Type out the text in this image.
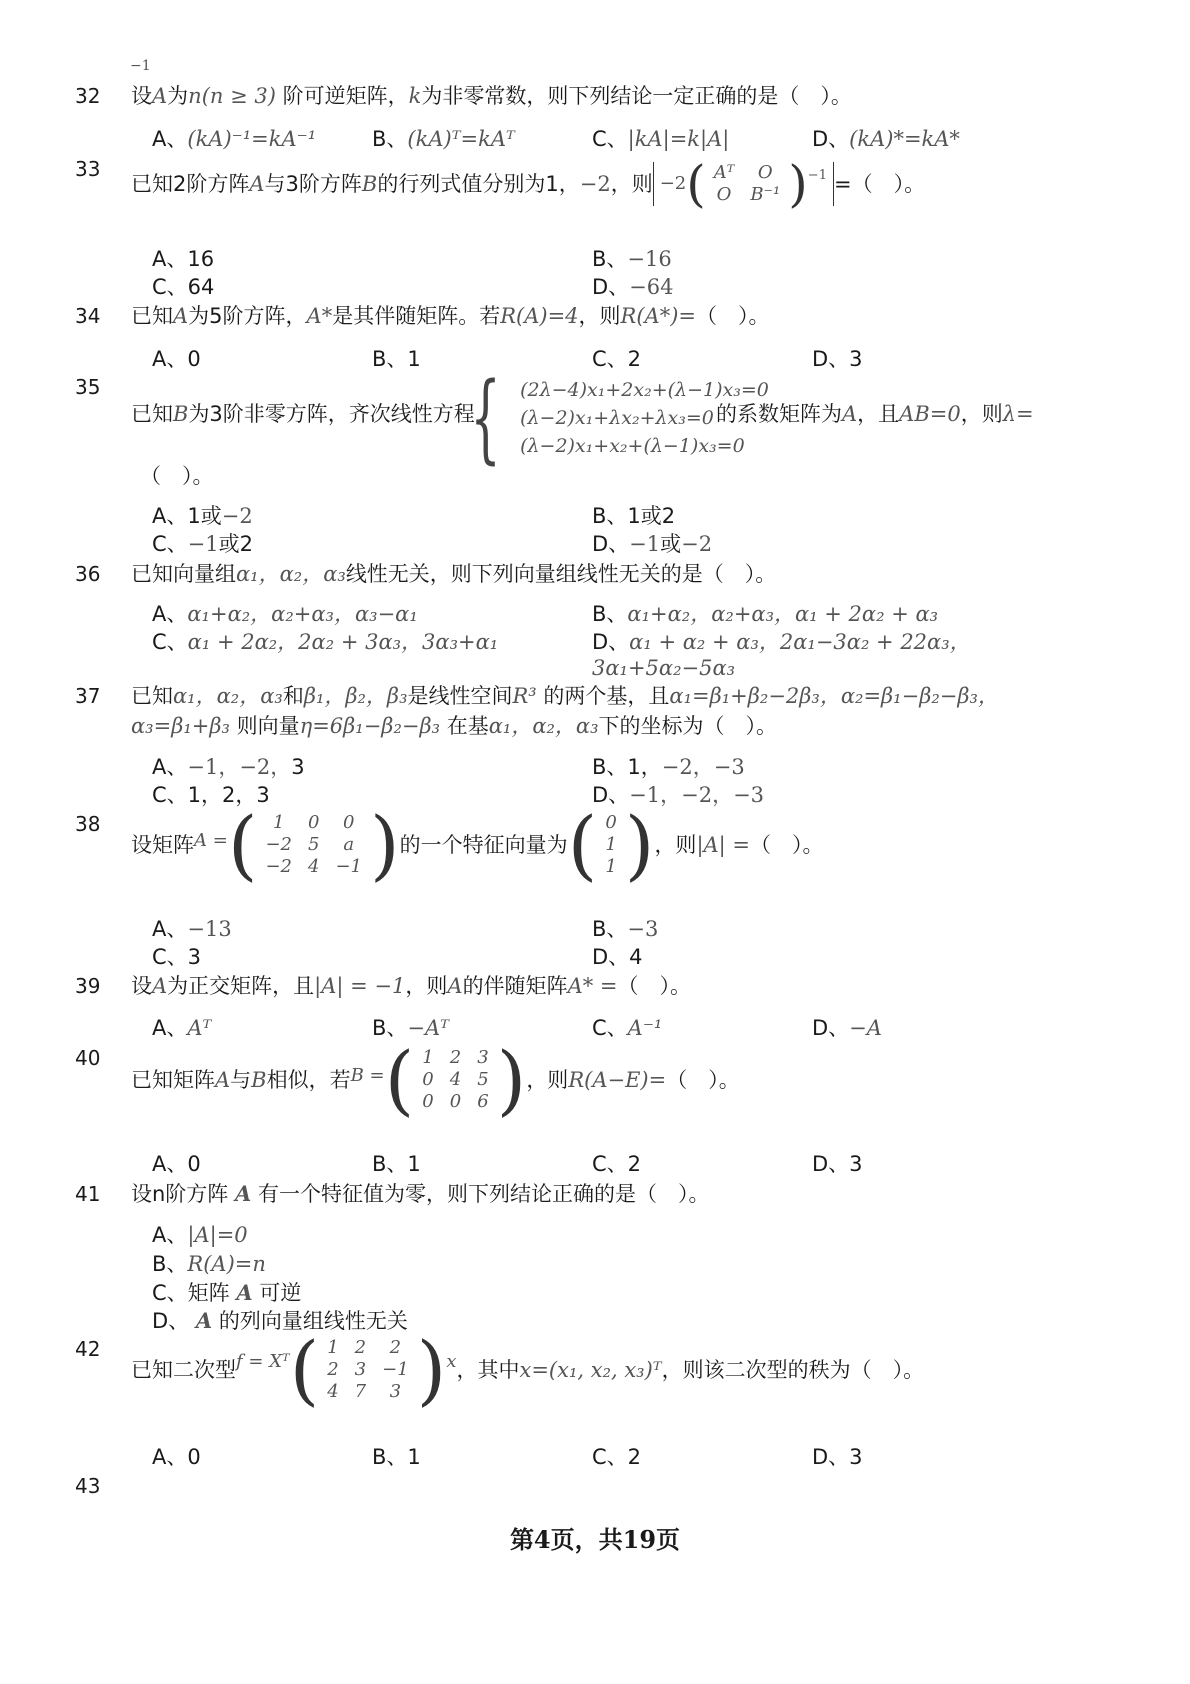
−1
32 设A为n(n ≥ 3) 阶可逆矩阵，k为非零常数，则下列结论一定正确的是（　）。
A、(kA)⁻¹=kA⁻¹	B、(kA)ᵀ=kAᵀ	C、|kA|=k|A|	D、(kA)*=kA*
33
已知2阶方阵 A 与3阶方阵 B 的行列式值分别为1， −2 ，则 −2 ( Aᵀ	O
O	B⁻¹ ) −1 =（　）。
A、16	B、−16
C、64	D、−64
34 已知A为5阶方阵，A*是其伴随矩阵。若R(A)=4，则R(A*)=（　）。
A、0	B、1	C、2	D、3
35
已知B为3阶非零方阵，齐次线性方程
{ (2λ−4)x₁+2x₂+(λ−1)x₃=0
(λ−2)x₁+λx₂+λx₃=0
(λ−2)x₁+x₂+(λ−1)x₃=0
的系数矩阵为A，且AB=0，则λ=
（　）。
A、1或−2	B、1或2
C、−1或2	D、−1或−2
36 已知向量组α₁，α₂，α₃线性无关，则下列向量组线性无关的是（　）。
A、α₁+α₂，α₂+α₃，α₃−α₁	B、α₁+α₂，α₂+α₃，α₁ + 2α₂ + α₃
C、α₁ + 2α₂，2α₂ + 3α₃，3α₃+α₁	D、α₁ + α₂ + α₃，2α₁−3α₂ + 22α₃，
3α₁+5α₂−5α₃
37 已知α₁，α₂，α₃和β₁，β₂，β₃是线性空间R³ 的两个基，且α₁=β₁+β₂−2β₃，α₂=β₁−β₂−β₃，
α₃=β₁+β₃ 则向量η=6β₁−β₂−β₃ 在基α₁，α₂，α₃下的坐标为（　）。
A、−1，−2，3	B、1，−2，−3
C、1，2，3	D、−1，−2，−3
38
设矩阵 A = ( 1	0	0
−2	5	a
−2	4	−1 ) 的一个特征向量为 ( 0
1
1 ) ，则 |A| = （　）。
A、−13	B、−3
C、3	D、4
39 设A为正交矩阵，且|A| = −1，则A的伴随矩阵A* =（　）。
A、Aᵀ	B、−Aᵀ	C、A⁻¹	D、−A
40
已知矩阵 A 与 B 相似，若 B = ( 1	2	3
0	4	5
0	0	6 ) ，则 R(A−E)= （　）。
A、0	B、1	C、2	D、3
41 设n阶方阵 A 有一个特征值为零，则下列结论正确的是（　）。
A、|A|=0
B、R(A)=n
C、矩阵 A 可逆
D、 A 的列向量组线性无关
42
已知二次型 f = Xᵀ ( 1	2	2
2	3	−1
4	7	3 ) x ，其中 x=(x₁, x₂, x₃)ᵀ ，则该二次型的秩为（　）。
A、0	B、1	C、2	D、3
43
第4页，共19页
